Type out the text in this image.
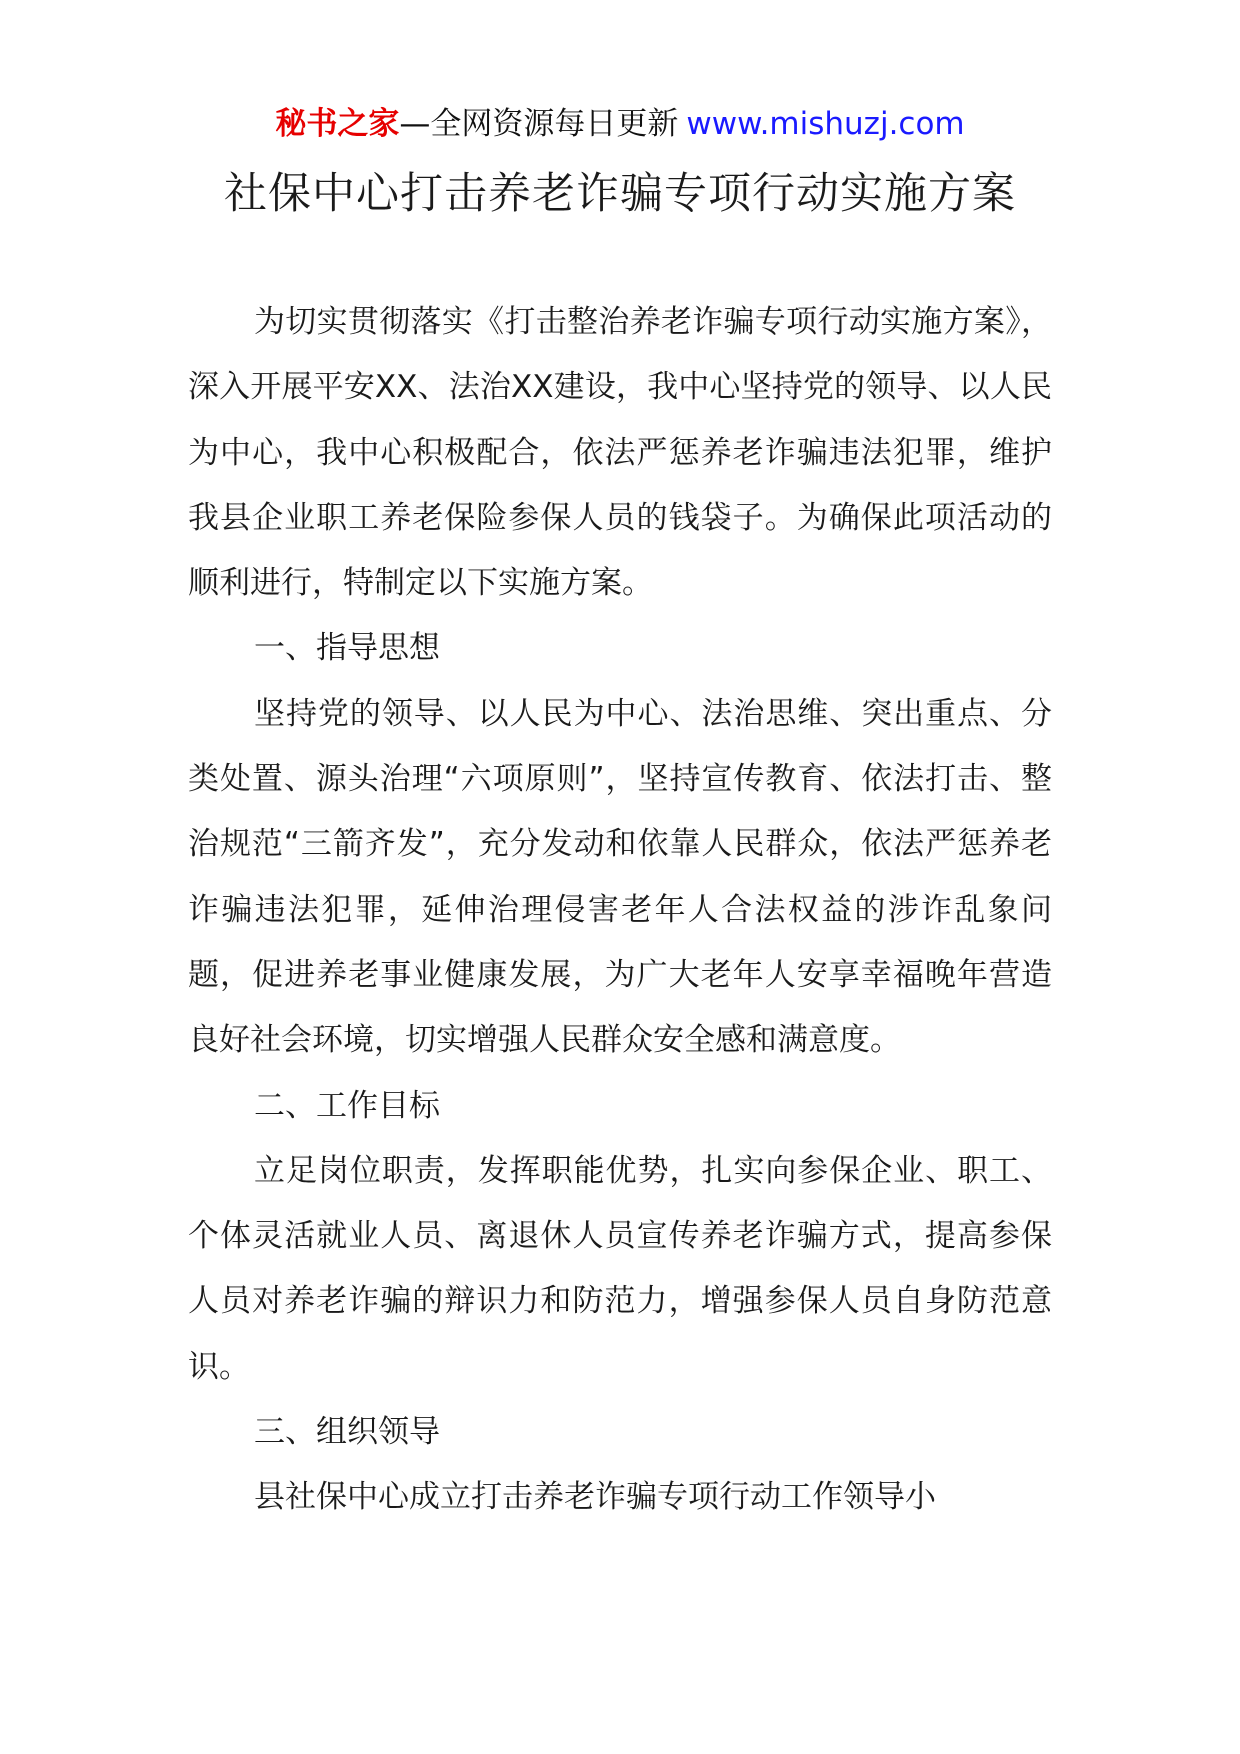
秘书之家—全网资源每日更新 www.mishuzj.com
社保中心打击养老诈骗专项行动实施方案

为切实贯彻落实《打击整治养老诈骗专项行动实施方案》，深入开展平安XX、法治XX建设，我中心坚持党的领导、以人民为中心，我中心积极配合，依法严惩养老诈骗违法犯罪，维护我县企业职工养老保险参保人员的钱袋子。为确保此项活动的顺利进行，特制定以下实施方案。

一、指导思想

坚持党的领导、以人民为中心、法治思维、突出重点、分类处置、源头治理“六项原则”，坚持宣传教育、依法打击、整治规范“三箭齐发”，充分发动和依靠人民群众，依法严惩养老诈骗违法犯罪，延伸治理侵害老年人合法权益的涉诈乱象问题，促进养老事业健康发展，为广大老年人安享幸福晚年营造良好社会环境，切实增强人民群众安全感和满意度。

二、工作目标

立足岗位职责，发挥职能优势，扎实向参保企业、职工、个体灵活就业人员、离退休人员宣传养老诈骗方式，提高参保人员对养老诈骗的辩识力和防范力，增强参保人员自身防范意识。

三、组织领导

县社保中心成立打击养老诈骗专项行动工作领导小
